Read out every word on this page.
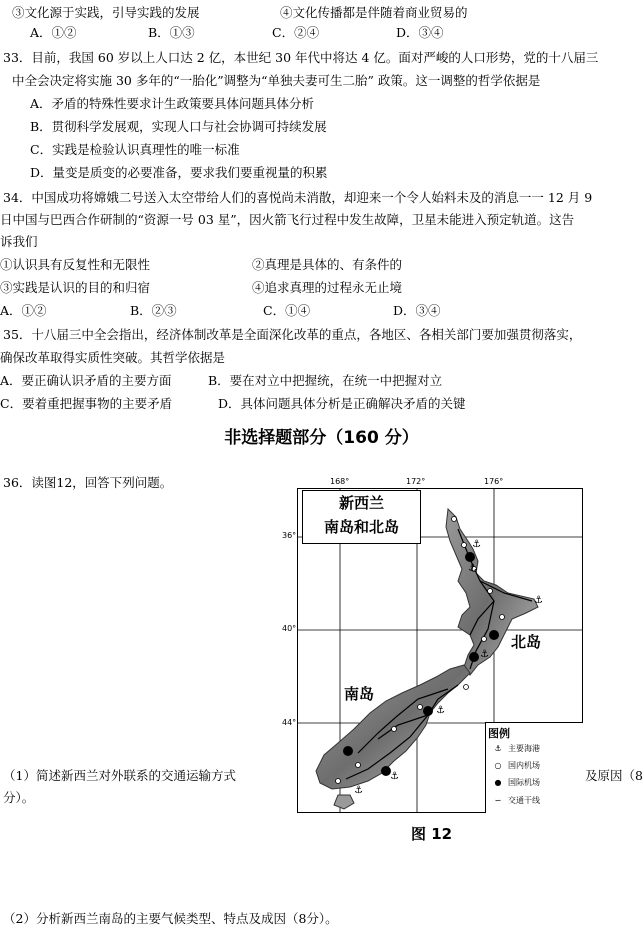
③文化源于实践，引导实践的发展	④文化传播都是伴随着商业贸易的
A．①②	B．①③	C．②④	D．③④
33．目前，我国 60 岁以上人口达 2 亿，本世纪 30 年代中将达 4 亿。面对严峻的人口形势，党的十八届三
中全会决定将实施 30 多年的“一胎化”调整为“单独夫妻可生二胎” 政策。这一调整的哲学依据是
A．矛盾的特殊性要求计生政策要具体问题具体分析
B．贯彻科学发展观，实现人口与社会协调可持续发展
C．实践是检验认识真理性的唯一标准
D．量变是质变的必要准备，要求我们要重视量的积累
34．中国成功将嫦娥二号送入太空带给人们的喜悦尚未消散，却迎来一个令人始料未及的消息一一 12 月 9
日中国与巴西合作研制的“资源一号 03 星”，因火箭飞行过程中发生故障，卫星未能进入预定轨道。这告
诉我们
①认识具有反复性和无限性	②真理是具体的、有条件的
③实践是认识的目的和归宿	④追求真理的过程永无止境
A．①②	B．②③	C．①④	D．③④
35．十八届三中全会指出，经济体制改革是全面深化改革的重点，各地区、各相关部门要加强贯彻落实，
确保改革取得实质性突破。其哲学依据是
A．要正确认识矛盾的主要方面	B．要在对立中把握统，在统一中把握对立
C．要着重把握事物的主要矛盾	D．具体问题具体分析是正确解决矛盾的关键
非选择题部分（160 分）
36．读图12，回答下列问题。
（1）简述新西兰对外联系的交通运输方式	及原因（8
分）。
（2）分析新西兰南岛的主要气候类型、特点及成因（8分）。
168°	172°	176°
36°
40°
44°
⚓
⚓
⚓
⚓
⚓
⚓
⚓
新西兰
南岛和北岛
北岛
南岛
图例
⚓ 主要海港
○ 国内机场
● 国际机场
∽ 交通干线
图 12
